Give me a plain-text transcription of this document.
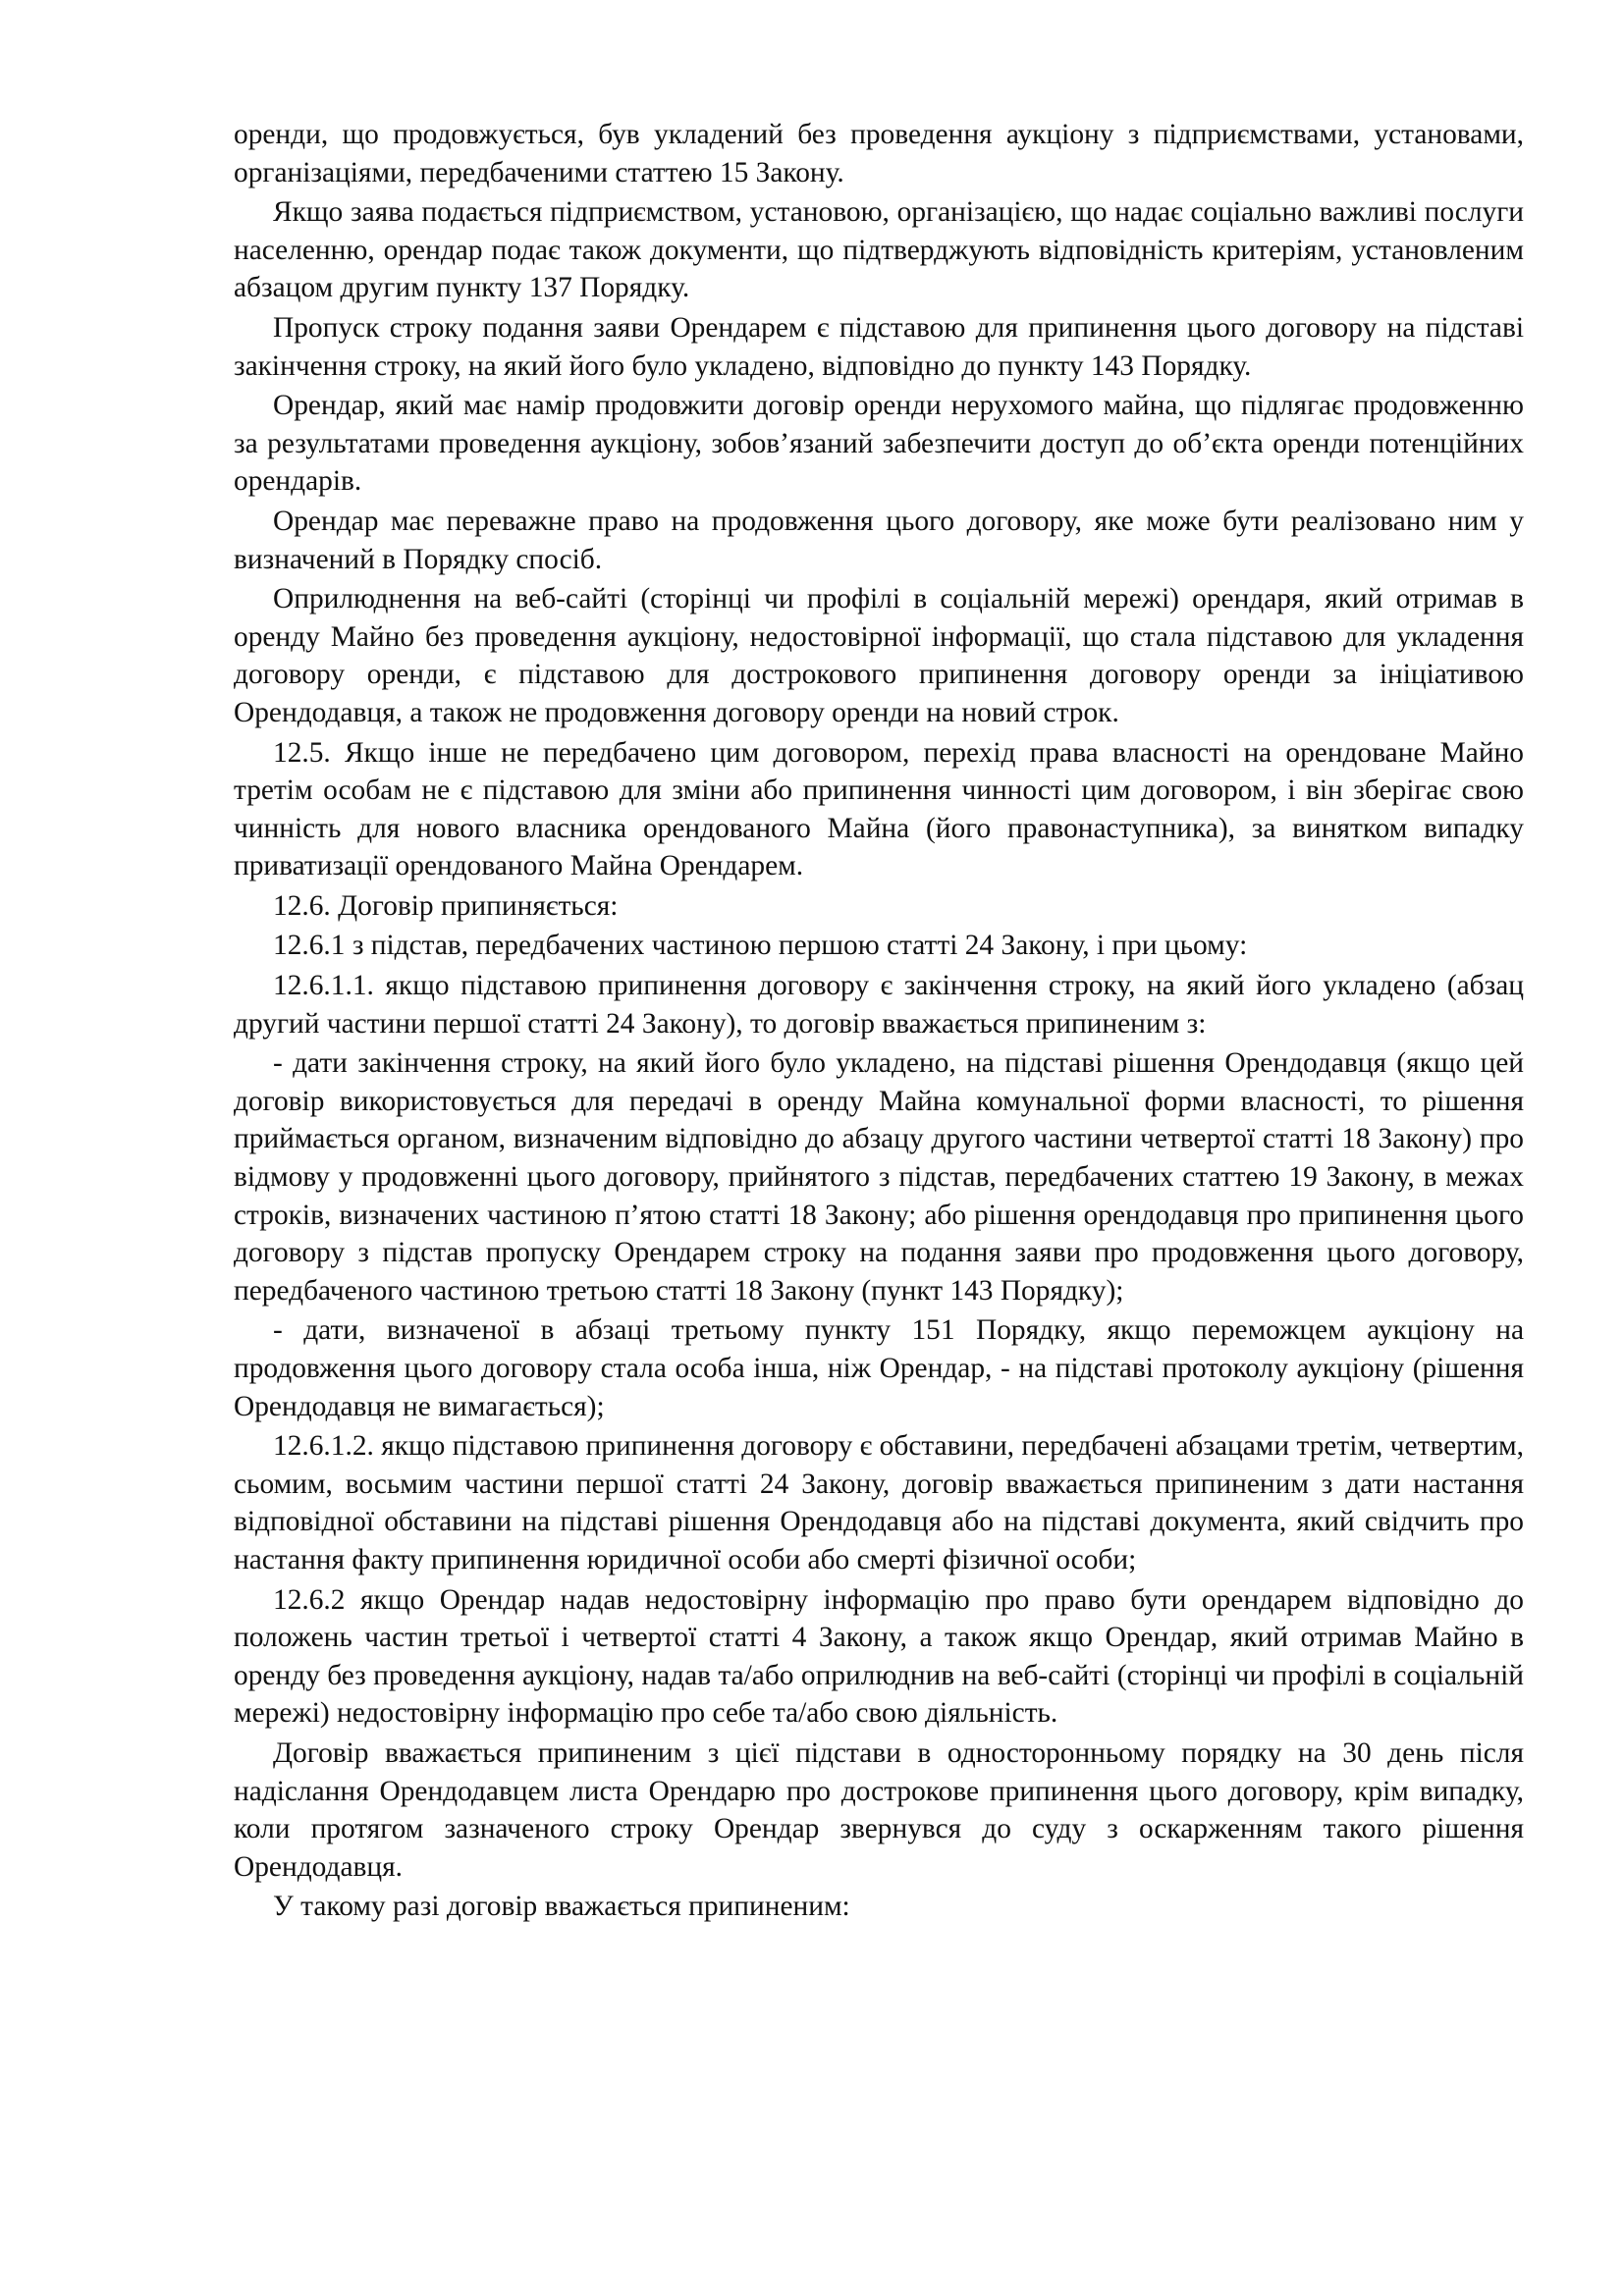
оренди, що продовжується, був укладений без проведення аукціону з підприємствами, установами, організаціями, передбаченими статтею 15 Закону.

Якщо заява подається підприємством, установою, організацією, що надає соціально важливі послуги населенню, орендар подає також документи, що підтверджують відповідність критеріям, установленим абзацом другим пункту 137 Порядку.

Пропуск строку подання заяви Орендарем є підставою для припинення цього договору на підставі закінчення строку, на який його було укладено, відповідно до пункту 143 Порядку.

Орендар, який має намір продовжити договір оренди нерухомого майна, що підлягає продовженню за результатами проведення аукціону, зобов’язаний забезпечити доступ до об’єкта оренди потенційних орендарів.

Орендар має переважне право на продовження цього договору, яке може бути реалізовано ним у визначений в Порядку спосіб.

Оприлюднення на веб-сайті (сторінці чи профілі в соціальній мережі) орендаря, який отримав в оренду Майно без проведення аукціону, недостовірної інформації, що стала підставою для укладення договору оренди, є підставою для дострокового припинення договору оренди за ініціативою Орендодавця, а також не продовження договору оренди на новий строк.

12.5. Якщо інше не передбачено цим договором, перехід права власності на орендоване Майно третім особам не є підставою для зміни або припинення чинності цим договором, і він зберігає свою чинність для нового власника орендованого Майна (його правонаступника), за винятком випадку приватизації орендованого Майна Орендарем.

12.6. Договір припиняється:

12.6.1 з підстав, передбачених частиною першою статті 24 Закону, і при цьому:

12.6.1.1. якщо підставою припинення договору є закінчення строку, на який його укладено (абзац другий частини першої статті 24 Закону), то договір вважається припиненим з:

- дати закінчення строку, на який його було укладено, на підставі рішення Орендодавця (якщо цей договір використовується для передачі в оренду Майна комунальної форми власності, то рішення приймається органом, визначеним відповідно до абзацу другого частини четвертої статті 18 Закону) про відмову у продовженні цього договору, прийнятого з підстав, передбачених статтею 19 Закону, в межах строків, визначених частиною п’ятою статті 18 Закону; або рішення орендодавця про припинення цього договору з підстав пропуску Орендарем строку на подання заяви про продовження цього договору, передбаченого частиною третьою статті 18 Закону (пункт 143 Порядку);

- дати, визначеної в абзаці третьому пункту 151 Порядку, якщо переможцем аукціону на продовження цього договору стала особа інша, ніж Орендар, - на підставі протоколу аукціону (рішення Орендодавця не вимагається);

12.6.1.2. якщо підставою припинення договору є обставини, передбачені абзацами третім, четвертим, сьомим, восьмим частини першої статті 24 Закону, договір вважається припиненим з дати настання відповідної обставини на підставі рішення Орендодавця або на підставі документа, який свідчить про настання факту припинення юридичної особи або смерті фізичної особи;

12.6.2 якщо Орендар надав недостовірну інформацію про право бути орендарем відповідно до положень частин третьої і четвертої статті 4 Закону, а також якщо Орендар, який отримав Майно в оренду без проведення аукціону, надав та/або оприлюднив на веб-сайті (сторінці чи профілі в соціальній мережі) недостовірну інформацію про себе та/або свою діяльність.

Договір вважається припиненим з цієї підстави в односторонньому порядку на 30 день після надіслання Орендодавцем листа Орендарю про дострокове припинення цього договору, крім випадку, коли протягом зазначеного строку Орендар звернувся до суду з оскарженням такого рішення Орендодавця.

У такому разі договір вважається припиненим:
